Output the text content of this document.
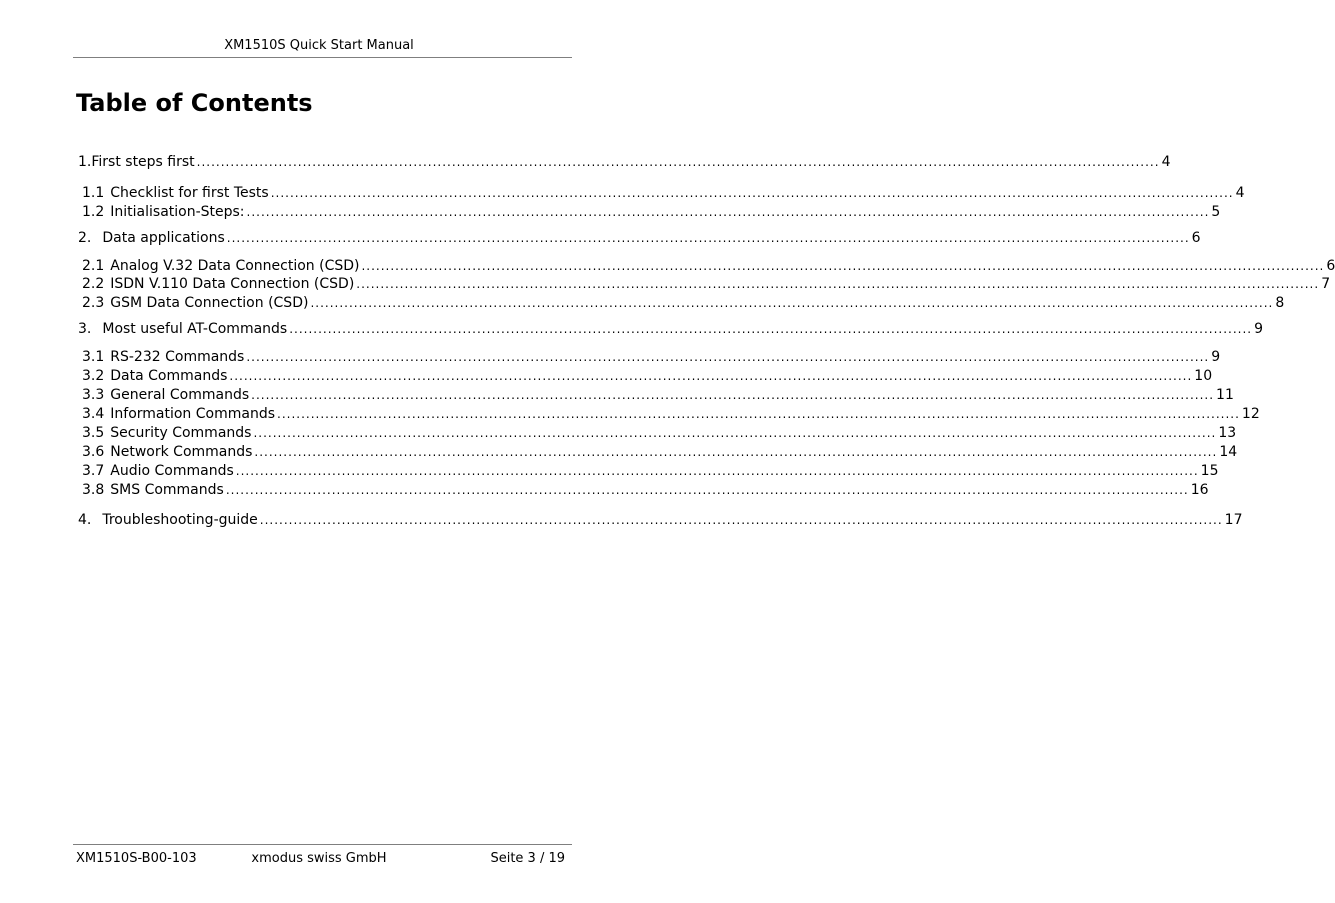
XM1510S Quick Start Manual
Table of Contents
1. First steps first ........................................................................................................................................................................................................ 4
1.1 Checklist for first Tests ........................................................................................................................................................................................................ 4
1.2 Initialisation-Steps: ........................................................................................................................................................................................................ 5
2. Data applications ........................................................................................................................................................................................................ 6
2.1 Analog V.32 Data Connection (CSD) ........................................................................................................................................................................................................ 6
2.2 ISDN V.110 Data Connection (CSD) ........................................................................................................................................................................................................ 7
2.3 GSM Data Connection (CSD) ........................................................................................................................................................................................................ 8
3. Most useful AT-Commands ........................................................................................................................................................................................................ 9
3.1 RS-232 Commands ........................................................................................................................................................................................................ 9
3.2 Data Commands ........................................................................................................................................................................................................ 10
3.3 General Commands ........................................................................................................................................................................................................ 11
3.4 Information Commands ........................................................................................................................................................................................................ 12
3.5 Security Commands ........................................................................................................................................................................................................ 13
3.6 Network Commands ........................................................................................................................................................................................................ 14
3.7 Audio Commands ........................................................................................................................................................................................................ 15
3.8 SMS Commands ........................................................................................................................................................................................................ 16
4. Troubleshooting-guide ........................................................................................................................................................................................................ 17
XM1510S-B00-103	xmodus swiss GmbH	Seite 3 / 19
